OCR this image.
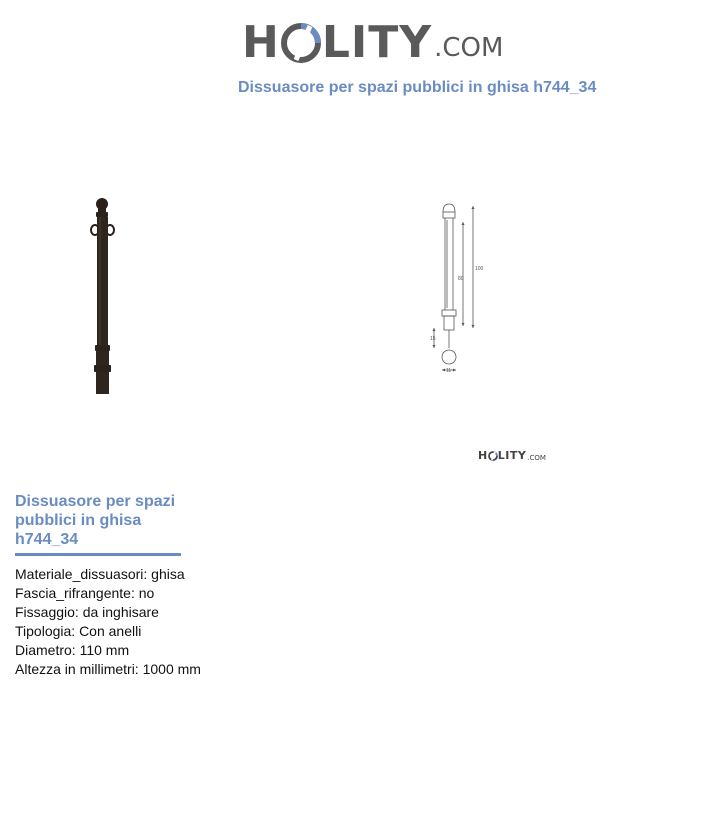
H LITY .COM
Dissuasore per spazi pubblici in ghisa h744_34
100
80
15
11
H LITY .COM
Dissuasore per spazi pubblici in ghisa h744_34
Materiale_dissuasori: ghisa
Fascia_rifrangente: no
Fissaggio: da inghisare
Tipologia: Con anelli
Diametro: 110 mm
Altezza in millimetri: 1000 mm
